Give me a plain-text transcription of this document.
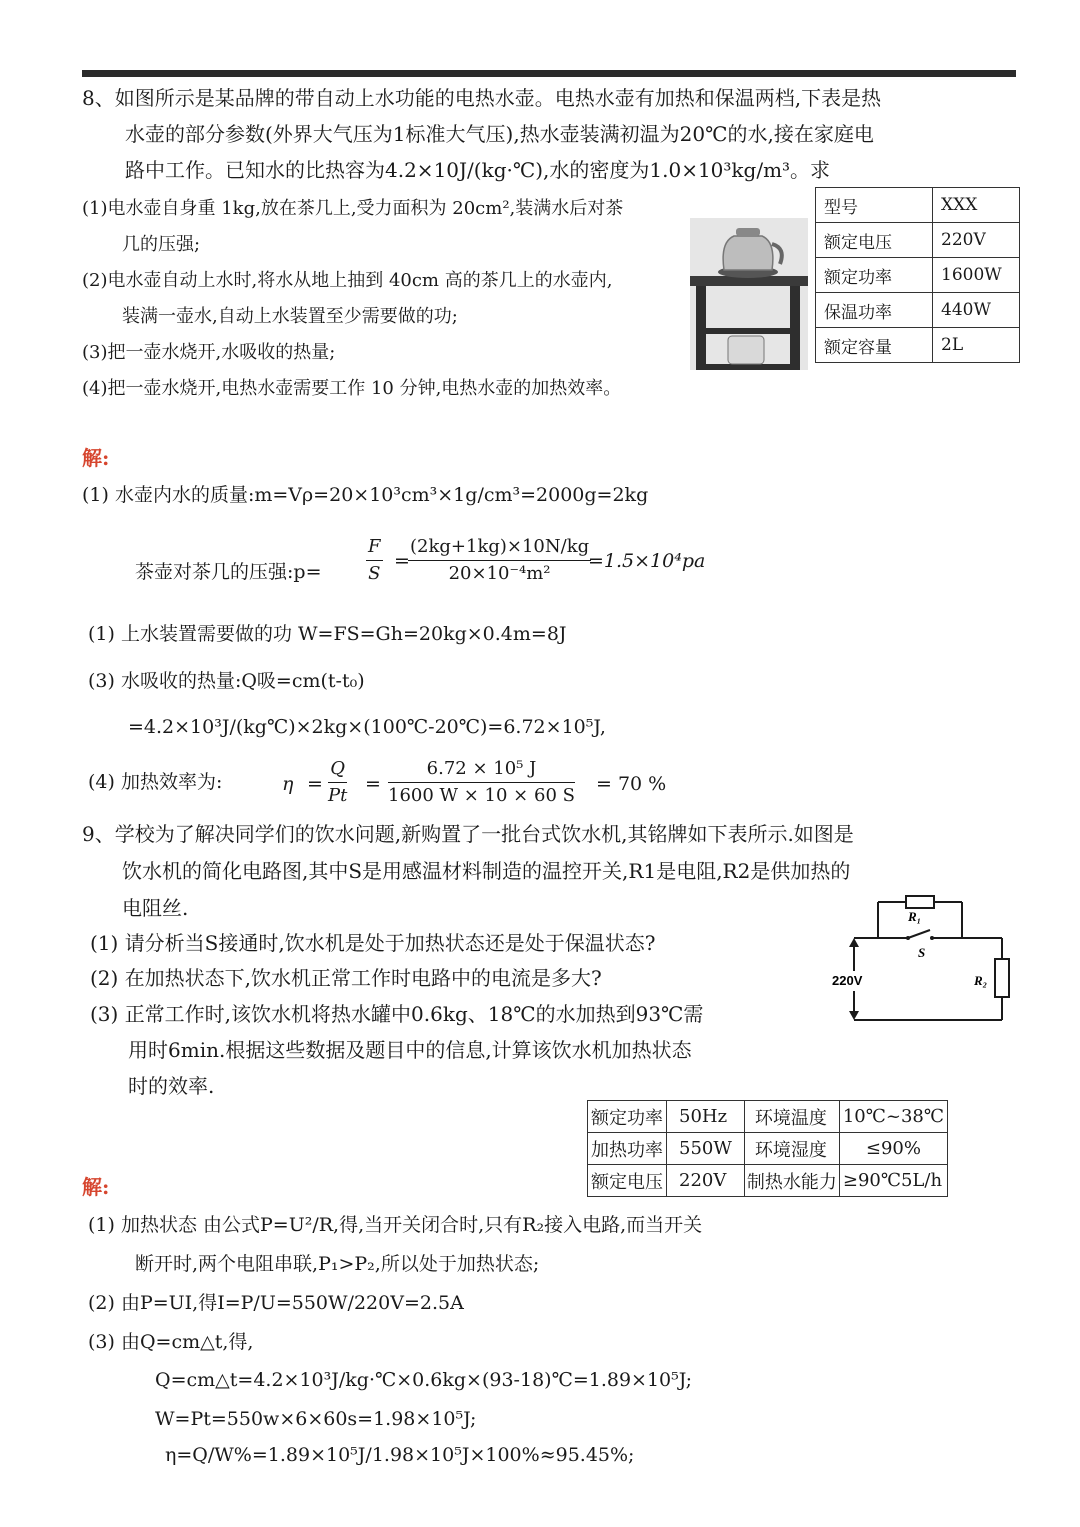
8、如图所示是某品牌的带自动上水功能的电热水壶。电热水壶有加热和保温两档,下表是热
水壶的部分参数(外界大气压为1标准大气压),热水壶装满初温为20℃的水,接在家庭电
路中工作。已知水的比热容为4.2×10J/(kg·℃),水的密度为1.0×10³kg/m³。求
(1)电水壶自身重 1kg,放在茶几上,受力面积为 20cm²,装满水后对茶
几的压强;
(2)电水壶自动上水时,将水从地上抽到 40cm 高的茶几上的水壶内,
装满一壶水,自动上水装置至少需要做的功;
(3)把一壶水烧开,水吸收的热量;
(4)把一壶水烧开,电热水壶需要工作 10 分钟,电热水壶的加热效率。
型号	XXX
额定电压	220V
额定功率	1600W
保温功率	440W
额定容量	2L
解:
(1) 水壶内水的质量:m=Vρ=20×10³cm³×1g/cm³=2000g=2kg
茶壶对茶几的压强:p= $\frac{F}{S}$ =
$\frac{(2kg+1kg)\times 10N/kg}{\text{20×10⁻⁴m²}}$
=1.5×10⁴pa
(1) 上水装置需要做的功 W=FS=Gh=20kg×0.4m=8J
(3) 水吸收的热量:Q吸=cm(t-t₀)
=4.2×10³J/(kg℃)×2kg×(100℃-20℃)=6.72×10⁵J,
(4) 加热效率为:	$\eta = \frac{Q}{Pt} = \frac{\text{6.72 × 10⁵ J}}{1600 W \times 10 \times 60 S} = 70$ %
9、学校为了解决同学们的饮水问题,新购置了一批台式饮水机,其铭牌如下表所示.如图是
饮水机的简化电路图,其中S是用感温材料制造的温控开关,R1是电阻,R2是供加热的
电阻丝.
(1) 请分析当S接通时,饮水机是处于加热状态还是处于保温状态?
(2) 在加热状态下,饮水机正常工作时电路中的电流是多大?
(3) 正常工作时,该饮水机将热水罐中0.6kg、18℃的水加热到93℃需
用时6min.根据这些数据及题目中的信息,计算该饮水机加热状态
时的效率.
R₁
S
R₂
220V
额定功率	50Hz	环境温度	10℃~38℃
加热功率	550W	环境湿度	≤90%
额定电压	220V	制热水能力	≥90℃5L/h
解:
(1) 加热状态 由公式P=U²/R,得,当开关闭合时,只有R₂接入电路,而当开关
断开时,两个电阻串联,P₁>P₂,所以处于加热状态;
(2) 由P=UI,得I=P/U=550W/220V=2.5A
(3) 由Q=cm△t,得,
Q=cm△t=4.2×10³J/kg·℃×0.6kg×(93-18)℃=1.89×10⁵J;
W=Pt=550w×6×60s=1.98×10⁵J;
η=Q/W%=1.89×10⁵J/1.98×10⁵J×100%≈95.45%;
